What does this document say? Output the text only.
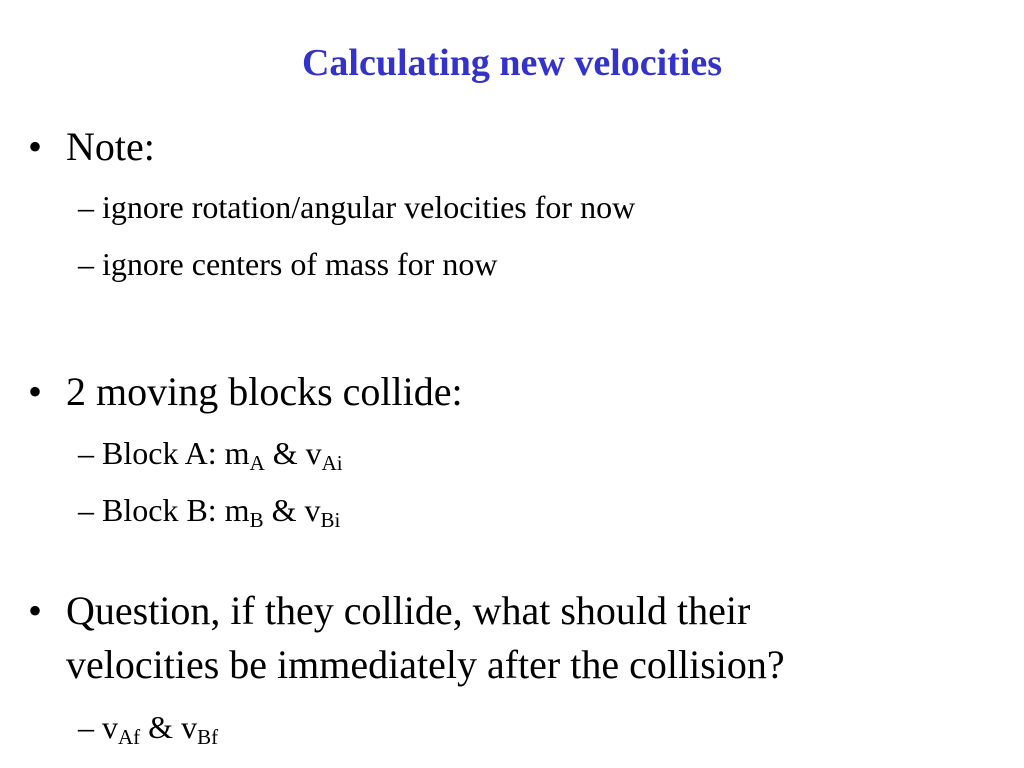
Calculating new velocities
• Note:
– ignore rotation/angular velocities for now
– ignore centers of mass for now
• 2 moving blocks collide:
– Block A: $m_A$ & $v_{Ai}$
– Block B: $m_B$ & $v_{Bi}$
• Question, if they collide, what should their
velocities be immediately after the collision?
– $v_{Af}$ & $v_{Bf}$
